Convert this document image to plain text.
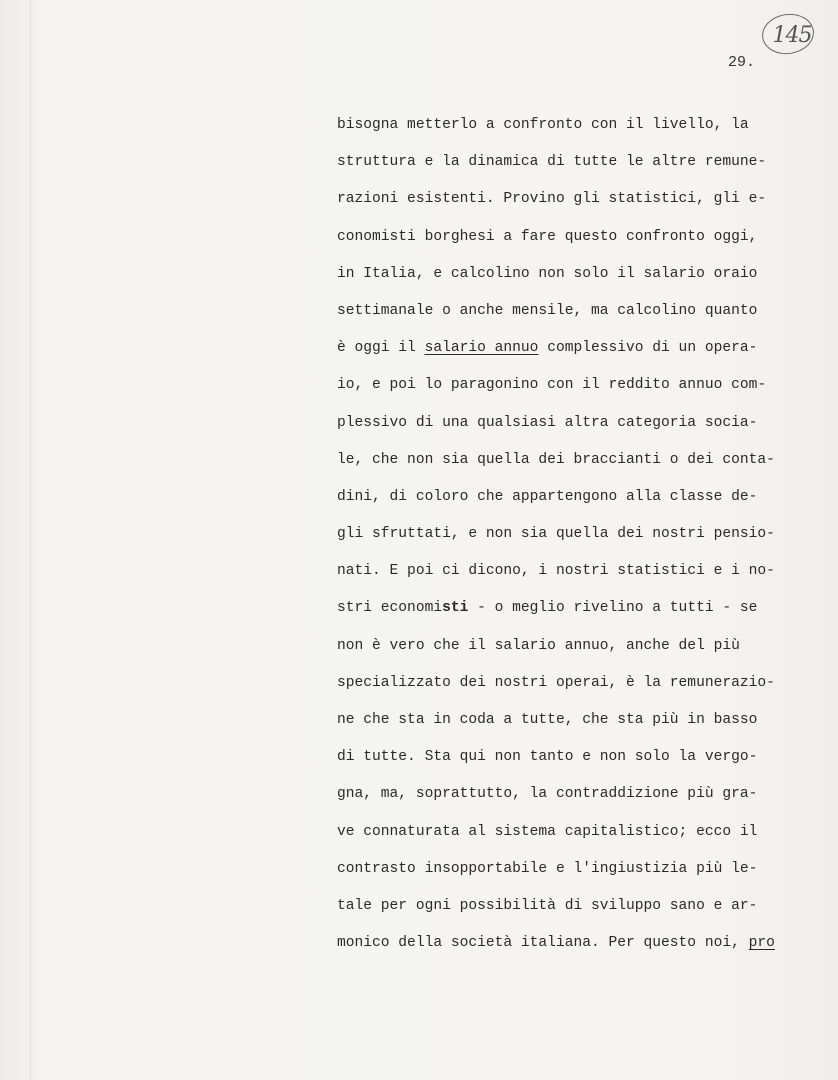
145
29.
bisogna metterlo a confronto con il livello, la
struttura e la dinamica di tutte le altre remune-
razioni esistenti. Provino gli statistici, gli e-
conomisti borghesi a fare questo confronto oggi,
in Italia, e calcolino non solo il salario oraio
settimanale o anche mensile, ma calcolino quanto
è oggi il salario annuo complessivo di un opera-
io, e poi lo paragonino con il reddito annuo com-
plessivo di una qualsiasi altra categoria socia-
le, che non sia quella dei braccianti o dei conta-
dini, di coloro che appartengono alla classe de-
gli sfruttati, e non sia quella dei nostri pensio-
nati. E poi ci dicono, i nostri statistici e i no-
stri economisti - o meglio rivelino a tutti - se
non è vero che il salario annuo, anche del più
specializzato dei nostri operai, è la remunerazio-
ne che sta in coda a tutte, che sta più in basso
di tutte. Sta qui non tanto e non solo la vergo-
gna, ma, soprattutto, la contraddizione più gra-
ve connaturata al sistema capitalistico; ecco il
contrasto insopportabile e l'ingiustizia più le-
tale per ogni possibilità di sviluppo sano e ar-
monico della società italiana. Per questo noi, pro
